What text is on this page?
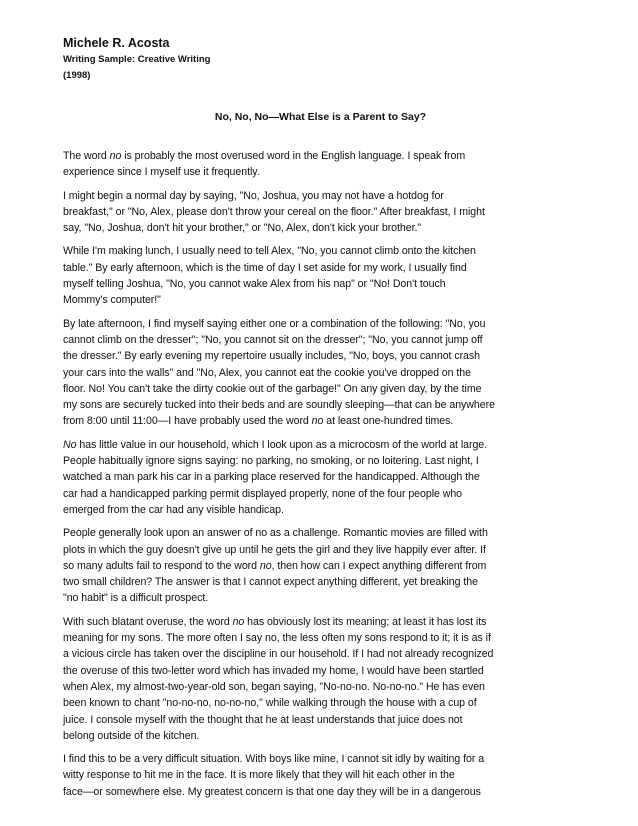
Michele R. Acosta

Writing Sample: Creative Writing

(1998)

No, No, No—What Else is a Parent to Say?

The word no is probably the most overused word in the English language. I speak from
experience since I myself use it frequently.

I might begin a normal day by saying, "No, Joshua, you may not have a hotdog for
breakfast," or "No, Alex, please don't throw your cereal on the floor." After breakfast, I might
say, "No, Joshua, don't hit your brother," or "No, Alex, don't kick your brother."

While I'm making lunch, I usually need to tell Alex, "No, you cannot climb onto the kitchen
table." By early afternoon, which is the time of day I set aside for my work, I usually find
myself telling Joshua, "No, you cannot wake Alex from his nap" or "No! Don't touch
Mommy's computer!"

By late afternoon, I find myself saying either one or a combination of the following: "No, you
cannot climb on the dresser"; "No, you cannot sit on the dresser"; "No, you cannot jump off
the dresser." By early evening my repertoire usually includes, "No, boys, you cannot crash
your cars into the walls" and "No, Alex, you cannot eat the cookie you've dropped on the
floor. No! You can't take the dirty cookie out of the garbage!" On any given day, by the time
my sons are securely tucked into their beds and are soundly sleeping—that can be anywhere
from 8:00 until 11:00—I have probably used the word no at least one-hundred times.

No has little value in our household, which I look upon as a microcosm of the world at large.
People habitually ignore signs saying: no parking, no smoking, or no loitering. Last night, I
watched a man park his car in a parking place reserved for the handicapped. Although the
car had a handicapped parking permit displayed properly, none of the four people who
emerged from the car had any visible handicap.

People generally look upon an answer of no as a challenge. Romantic movies are filled with
plots in which the guy doesn't give up until he gets the girl and they live happily ever after. If
so many adults fail to respond to the word no, then how can I expect anything different from
two small children? The answer is that I cannot expect anything different, yet breaking the
"no habit" is a difficult prospect.

With such blatant overuse, the word no has obviously lost its meaning; at least it has lost its
meaning for my sons. The more often I say no, the less often my sons respond to it; it is as if
a vicious circle has taken over the discipline in our household. If I had not already recognized
the overuse of this two-letter word which has invaded my home, I would have been startled
when Alex, my almost-two-year-old son, began saying, "No-no-no. No-no-no." He has even
been known to chant "no-no-no, no-no-no," while walking through the house with a cup of
juice. I console myself with the thought that he at least understands that juice does not
belong outside of the kitchen.

I find this to be a very difficult situation. With boys like mine, I cannot sit idly by waiting for a
witty response to hit me in the face. It is more likely that they will hit each other in the
face—or somewhere else. My greatest concern is that one day they will be in a dangerous
